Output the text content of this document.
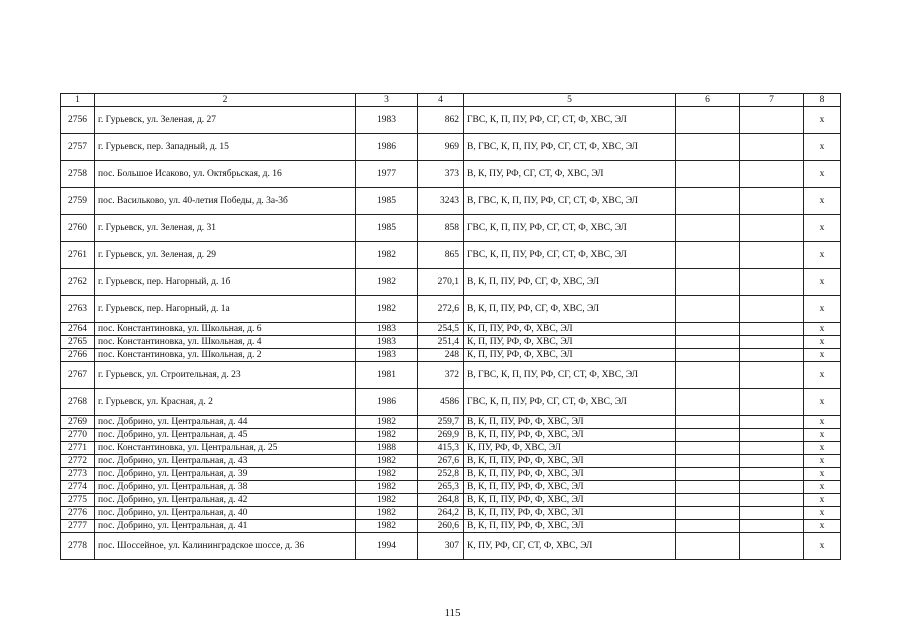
1	2	3	4	5	6	7	8
2756	г. Гурьевск, ул. Зеленая, д. 27	1983	862	ГВС, К, П, ПУ, РФ, СГ, СТ, Ф, ХВС, ЭЛ			x
2757	г. Гурьевск, пер. Западный, д. 15	1986	969	В, ГВС, К, П, ПУ, РФ, СГ, СТ, Ф, ХВС, ЭЛ			x
2758	пос. Большое Исаково, ул. Октябрьская, д. 16	1977	373	В, К, ПУ, РФ, СГ, СТ, Ф, ХВС, ЭЛ			x
2759	пос. Васильково, ул. 40-летия Победы, д. 3а-3б	1985	3243	В, ГВС, К, П, ПУ, РФ, СГ, СТ, Ф, ХВС, ЭЛ			x
2760	г. Гурьевск, ул. Зеленая, д. 31	1985	858	ГВС, К, П, ПУ, РФ, СГ, СТ, Ф, ХВС, ЭЛ			x
2761	г. Гурьевск, ул. Зеленая, д. 29	1982	865	ГВС, К, П, ПУ, РФ, СГ, СТ, Ф, ХВС, ЭЛ			x
2762	г. Гурьевск, пер. Нагорный, д. 1б	1982	270,1	В, К, П, ПУ, РФ, СГ, Ф, ХВС, ЭЛ			x
2763	г. Гурьевск, пер. Нагорный, д. 1а	1982	272,6	В, К, П, ПУ, РФ, СГ, Ф, ХВС, ЭЛ			x
2764	пос. Константиновка, ул. Школьная, д. 6	1983	254,5	К, П, ПУ, РФ, Ф, ХВС, ЭЛ			x
2765	пос. Константиновка, ул. Школьная, д. 4	1983	251,4	К, П, ПУ, РФ, Ф, ХВС, ЭЛ			x
2766	пос. Константиновка, ул. Школьная, д. 2	1983	248	К, П, ПУ, РФ, Ф, ХВС, ЭЛ			x
2767	г. Гурьевск, ул. Строительная, д. 23	1981	372	В, ГВС, К, П, ПУ, РФ, СГ, СТ, Ф, ХВС, ЭЛ			x
2768	г. Гурьевск, ул. Красная, д. 2	1986	4586	ГВС, К, П, ПУ, РФ, СГ, СТ, Ф, ХВС, ЭЛ			x
2769	пос. Добрино, ул. Центральная, д. 44	1982	259,7	В, К, П, ПУ, РФ, Ф, ХВС, ЭЛ			x
2770	пос. Добрино, ул. Центральная, д. 45	1982	269,9	В, К, П, ПУ, РФ, Ф, ХВС, ЭЛ			x
2771	пос. Константиновка, ул. Центральная, д. 25	1988	415,3	К, ПУ, РФ, Ф, ХВС, ЭЛ			x
2772	пос. Добрино, ул. Центральная, д. 43	1982	267,6	В, К, П, ПУ, РФ, Ф, ХВС, ЭЛ			x
2773	пос. Добрино, ул. Центральная, д. 39	1982	252,8	В, К, П, ПУ, РФ, Ф, ХВС, ЭЛ			x
2774	пос. Добрино, ул. Центральная, д. 38	1982	265,3	В, К, П, ПУ, РФ, Ф, ХВС, ЭЛ			x
2775	пос. Добрино, ул. Центральная, д. 42	1982	264,8	В, К, П, ПУ, РФ, Ф, ХВС, ЭЛ			x
2776	пос. Добрино, ул. Центральная, д. 40	1982	264,2	В, К, П, ПУ, РФ, Ф, ХВС, ЭЛ			x
2777	пос. Добрино, ул. Центральная, д. 41	1982	260,6	В, К, П, ПУ, РФ, Ф, ХВС, ЭЛ			x
2778	пос. Шоссейное, ул. Калининградское шоссе, д. 36	1994	307	К, ПУ, РФ, СГ, СТ, Ф, ХВС, ЭЛ			x
115
